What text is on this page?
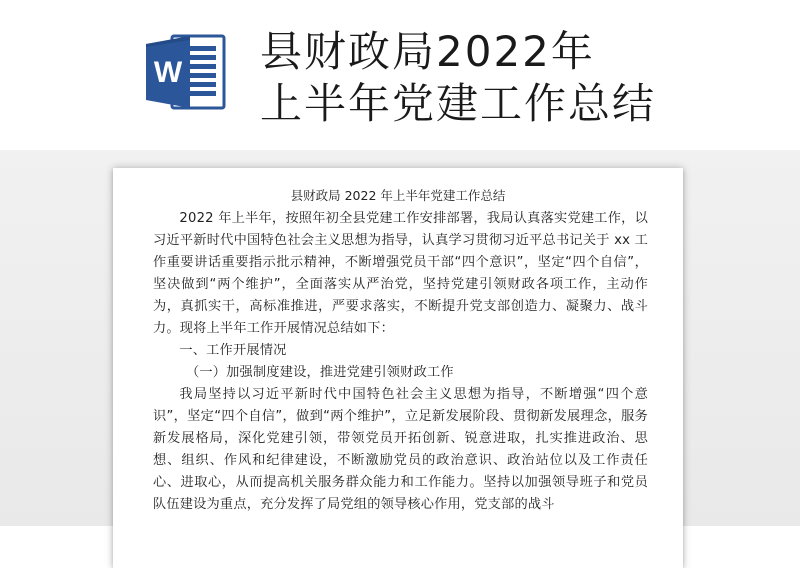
W 县财政局2022年
上半年党建工作总结
县财政局 2022 年上半年党建工作总结

2022 年上半年，按照年初全县党建工作安排部署，我局认真落实党建工作，以习近平新时代中国特色社会主义思想为指导，认真学习贯彻习近平总书记关于 xx 工作重要讲话重要指示批示精神，不断增强党员干部“四个意识”，坚定“四个自信”，坚决做到“两个维护”，全面落实从严治党，坚持党建引领财政各项工作，主动作为，真抓实干，高标准推进，严要求落实，不断提升党支部创造力、凝聚力、战斗力。现将上半年工作开展情况总结如下：

一、工作开展情况

（一）加强制度建设，推进党建引领财政工作

我局坚持以习近平新时代中国特色社会主义思想为指导，不断增强“四个意识”，坚定“四个自信”，做到“两个维护”，立足新发展阶段、贯彻新发展理念，服务新发展格局，深化党建引领，带领党员开拓创新、锐意进取，扎实推进政治、思想、组织、作风和纪律建设，不断激励党员的政治意识、政治站位以及工作责任心、进取心，从而提高机关服务群众能力和工作能力。坚持以加强领导班子和党员队伍建设为重点，充分发挥了局党组的领导核心作用，党支部的战斗
